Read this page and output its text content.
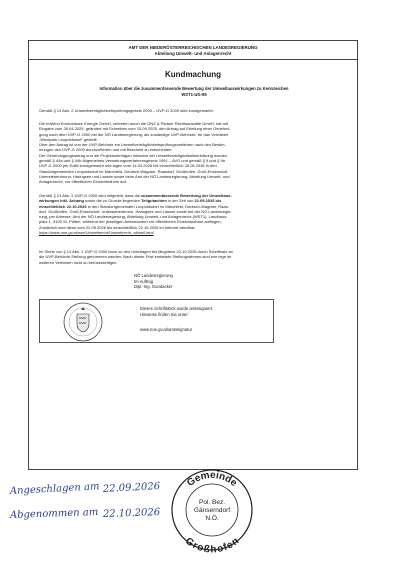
AMT DER NIEDERÖSTERREICHISCHEN LANDESREGIERUNG
Abteilung Umwelt- und Anlagenrecht
Kundmachung
Information über die zusammenfassende Bewertung der Umweltauswirkungen zu Kennzeichen
WST1-UG-95

Gemäß § 13 Abs. 2 Umweltverträglichkeitsprüfungsgesetz 2000 – UVP-G 2000 wird kundgemacht:

Die ImWind Erneuerbare Energie GmbH, vertreten durch die ONZ & Partner Rechtsanwälte GmbH, hat mit
Eingabe vom 28.04.2025, geändert mit Schreiben vom 15.09.2025, den Antrag auf Erteilung einer Genehmi-
gung nach dem UVP-G 2000 bei der NÖ Landesregierung, als zuständige UVP-Behörde, für das Vorhaben
„Windpark Leopoldsdorf“ gestellt.
Über den Antrag ist von der UVP-Behörde ein Umweltverträglichkeitsprüfungsverfahren nach den Bestim-
mungen des UVP-G 2000 durchzuführen und mit Bescheid zu entscheiden.
Der Genehmigungsantrag und die Projektunterlagen inklusive der Umweltverträglichkeitserklärung wurden
gemäß § 44a und § 44b Allgemeines Verwaltungsverfahrensgesetz 1991 – AVG und gemäß § 9 und § 9a
UVP-G 2000 per Edikt kundgemacht und lagen vom 14.04.2026 bis einschließlich 28.05.2026 in den
Standortgemeinden Leopoldsdorf im Marchfeld, Deutsch-Wagram, Raasdorf, Großhofen, Groß-Enzersdorf,
Untersiebenbrunn, Haringsee und Lassee sowie beim Amt der NÖ Landesregierung, Abteilung Umwelt- und
Anlagenrecht, zur öffentlichen Einsichtnahme auf.
Gemäß § 13 Abs. 2 UVP-G 2000 wird mitgeteilt, dass die zusammenfassende Bewertung der Umweltaus-
wirkungen inkl. Anhang sowie die zu Grunde liegenden Teilgutachten in der Zeit von 22.09.2026 bis
einschließlich 22.10.2026 in den Standortgemeinden Leopoldsdorf im Marchfeld, Deutsch-Wagram, Raas-
dorf, Großhofen, Groß-Enzersdorf, Untersiebenbrunn, Haringsee und Lassee sowie bei der NÖ Landesregie-
rung, per Adresse: Amt der NÖ Landesregierung, Abteilung Umwelt- und Anlagenrecht (WST1), Landhaus-
platz 1, 3109 St. Pölten, während der jeweiligen Amtsstunden zur öffentlichen Einsichtnahme aufliegen.
Zusätzlich sind diese vom 22.09.2026 bis einschließlich 22.10.2026 im Internet abrufbar:
https://www.noe.gv.at/noe/Umweltrecht/Umweltrecht_aktuell.html
Im Sinne von § 14 Abs. 1 UVP-G 2000 kann zu den Unterlagen bis längstens 22.10.2026 durch Schriftsatz an
die UVP-Behörde Stellung genommen werden. Nach dieser Frist erstattete Stellungnahmen sind exe lege im
weiteren Verfahren nicht zu berücksichtigen.
NÖ Landesregierung
Im Auftrag
Dipl.-Ing. Gundacker
Dieses Schriftstück wurde amtssigniert.
Hinweise finden Sie unter:
www.noe.gv.at/amtssignatur
Angeschlagen am 22.09.2026
Abgenommen am 22.10.2026
Gemeinde
Großhofen
Pol. Bez.
Gänserndorf
N.Ö.
